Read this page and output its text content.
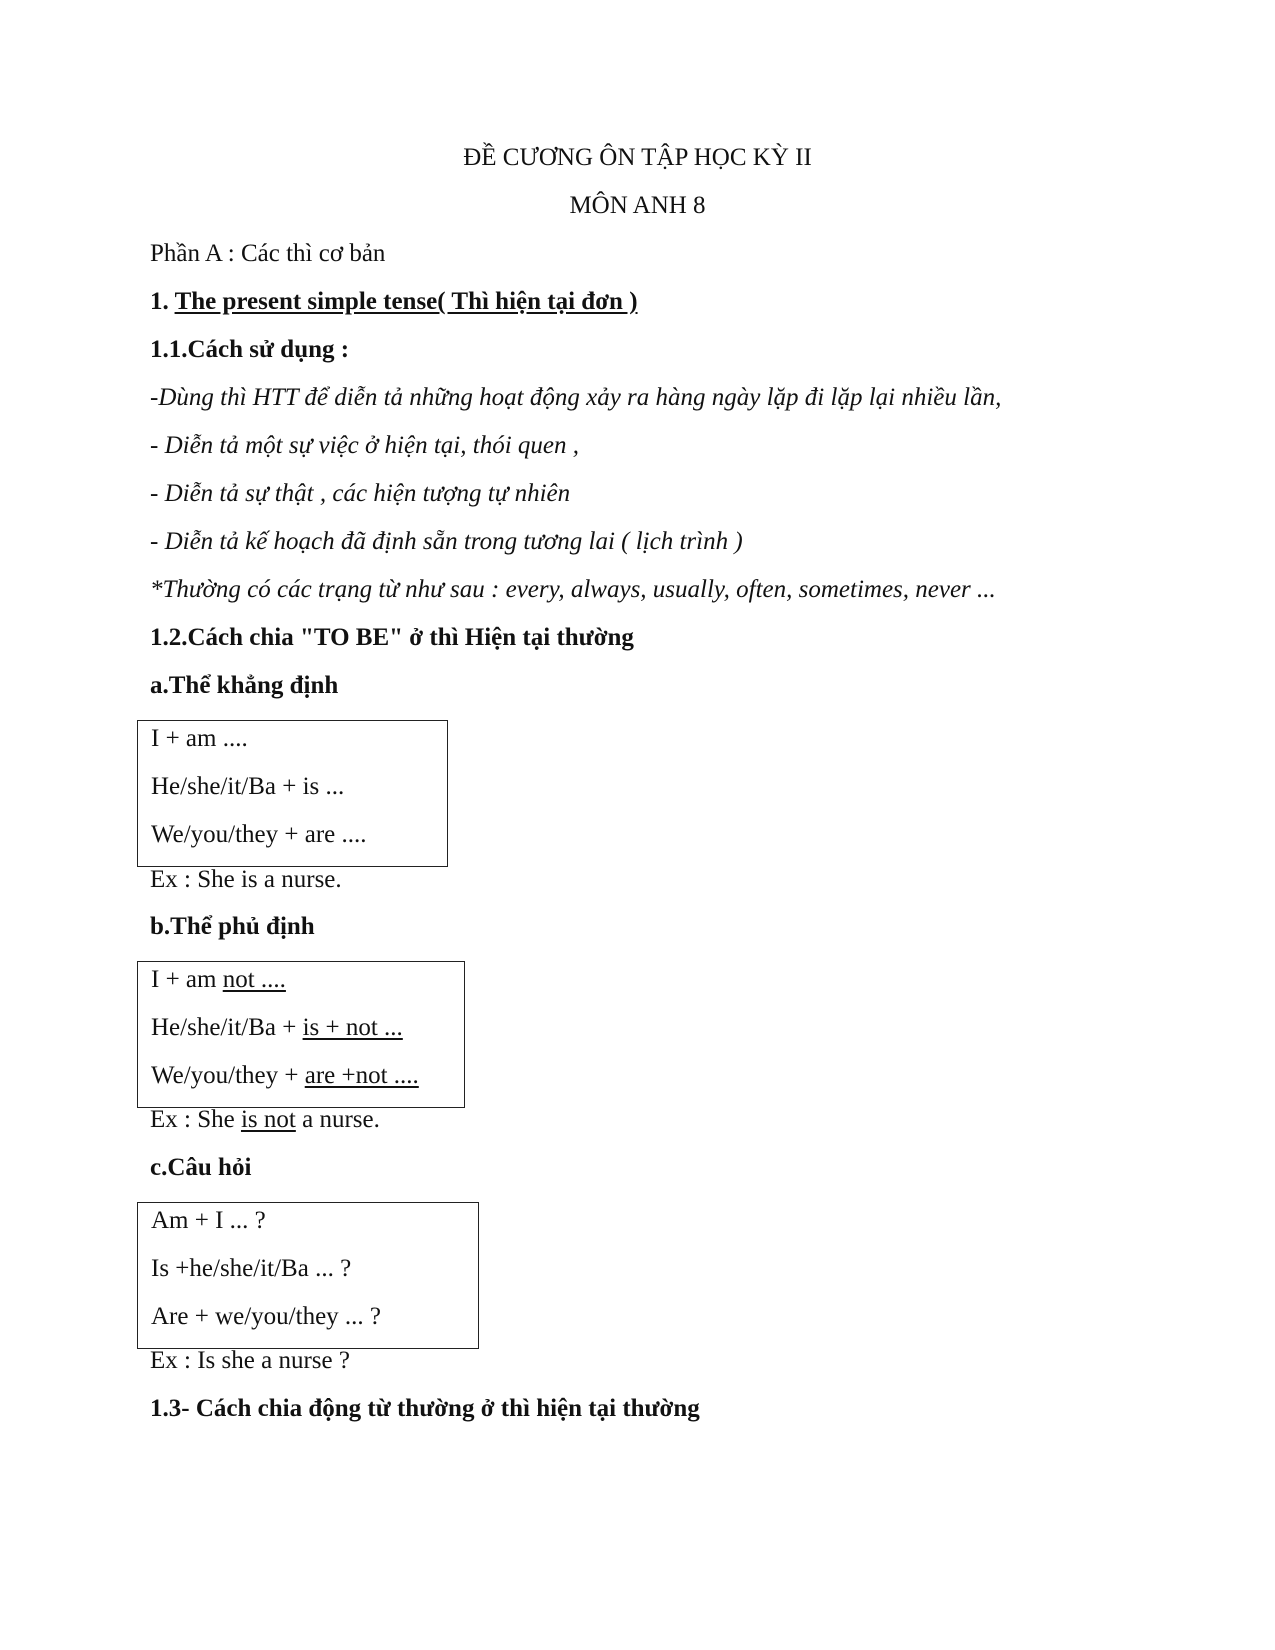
ĐỀ CƯƠNG ÔN TẬP HỌC KỲ II

MÔN ANH 8

Phần A : Các thì cơ bản

1. The present simple tense( Thì hiện tại đơn )

1.1.Cách sử dụng :

-Dùng thì HTT để diễn tả những hoạt động xảy ra hàng ngày lặp đi lặp lại nhiều lần,

- Diễn tả một sự việc ở hiện tại, thói quen ,

- Diễn tả sự thật , các hiện tượng tự nhiên

- Diễn tả kế hoạch đã định sẵn trong tương lai ( lịch trình )

*Thường có các trạng từ như sau : every, always, usually, often, sometimes, never ...

1.2.Cách chia "TO BE" ở thì Hiện tại thường

a.Thể khẳng định

I + am ....
He/she/it/Ba + is ...
We/you/they + are ....

Ex : She is a nurse.

b.Thể phủ định

I + am not ....
He/she/it/Ba + is + not ...
We/you/they + are +not ....

Ex : She is not a nurse.

c.Câu hỏi

Am + I ... ?
Is +he/she/it/Ba ... ?
Are + we/you/they ... ?

Ex : Is she a nurse ?

1.3- Cách chia động từ thường ở thì hiện tại thường
